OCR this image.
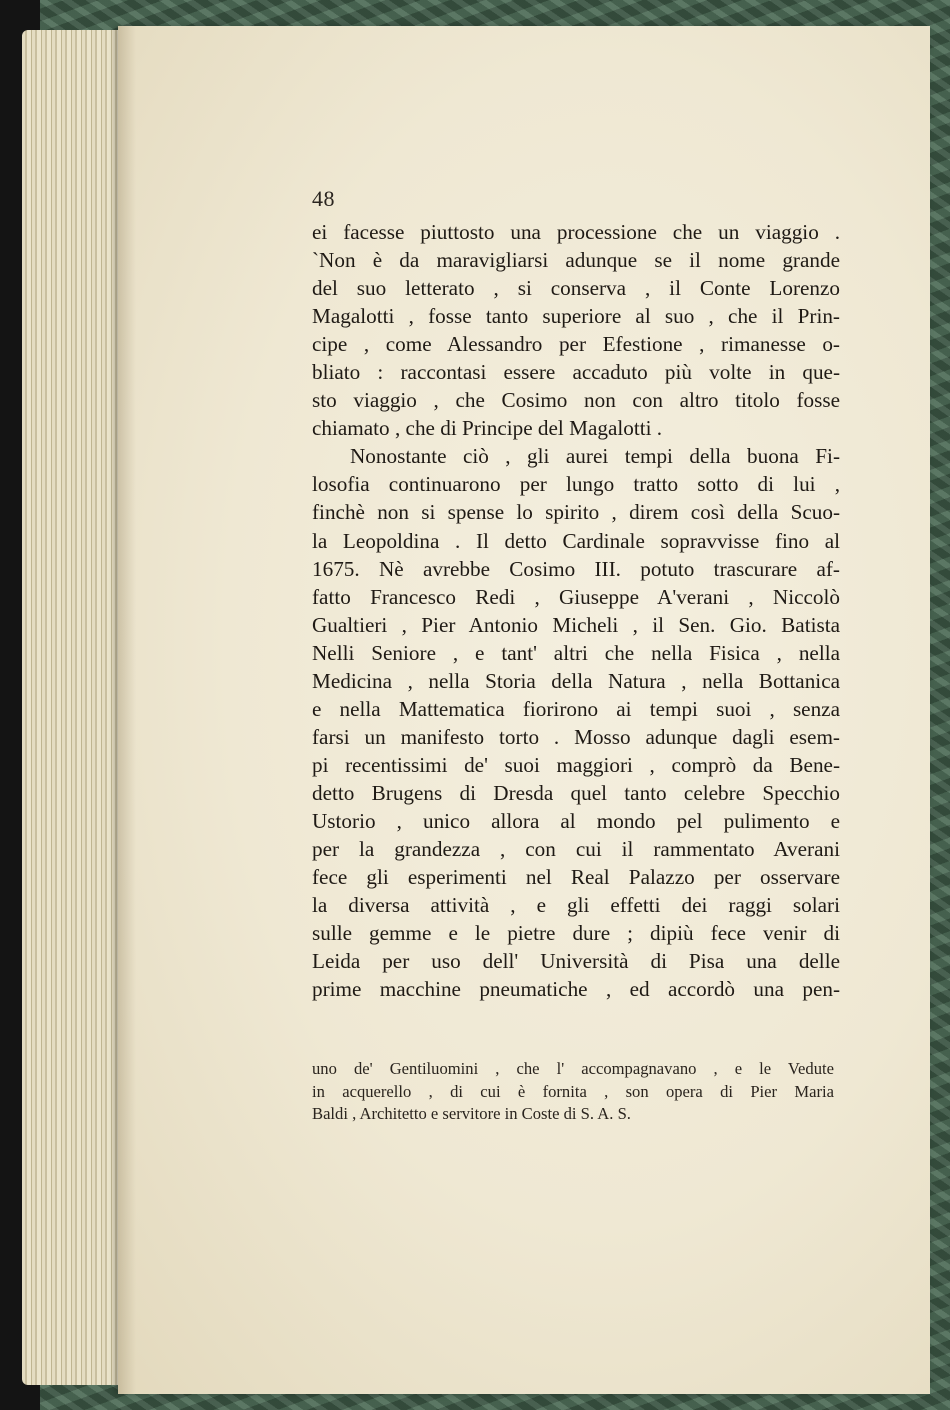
48
ei facesse piuttosto una processione che un viaggio .
`Non è da maravigliarsi adunque se il nome grande
del suo letterato , si conserva , il Conte Lorenzo
Magalotti , fosse tanto superiore al suo , che il Prin-
cipe , come Alessandro per Efestione , rimanesse o-
bliato : raccontasi essere accaduto più volte in que-
sto viaggio , che Cosimo non con altro titolo fosse
chiamato , che di Principe del Magalotti .
Nonostante ciò , gli aurei tempi della buona Fi-
losofia continuarono per lungo tratto sotto di lui ,
finchè non si spense lo spirito , direm così della Scuo-
la Leopoldina . Il detto Cardinale sopravvisse fino al
1675. Nè avrebbe Cosimo III. potuto trascurare af-
fatto Francesco Redi , Giuseppe A'verani , Niccolò
Gualtieri , Pier Antonio Micheli , il Sen. Gio. Batista
Nelli Seniore , e tant' altri che nella Fisica , nella
Medicina , nella Storia della Natura , nella Bottanica
e nella Mattematica fiorirono ai tempi suoi , senza
farsi un manifesto torto . Mosso adunque dagli esem-
pi recentissimi de' suoi maggiori , comprò da Bene-
detto Brugens di Dresda quel tanto celebre Specchio
Ustorio , unico allora al mondo pel pulimento e
per la grandezza , con cui il rammentato Averani
fece gli esperimenti nel Real Palazzo per osservare
la diversa attività , e gli effetti dei raggi solari
sulle gemme e le pietre dure ; dipiù fece venir di
Leida per uso dell' Università di Pisa una delle
prime macchine pneumatiche , ed accordò una pen-
uno de' Gentiluomini , che l' accompagnavano , e le Vedute
in acquerello , di cui è fornita , son opera di Pier Maria
Baldi , Architetto e servitore in Coste di S. A. S.
